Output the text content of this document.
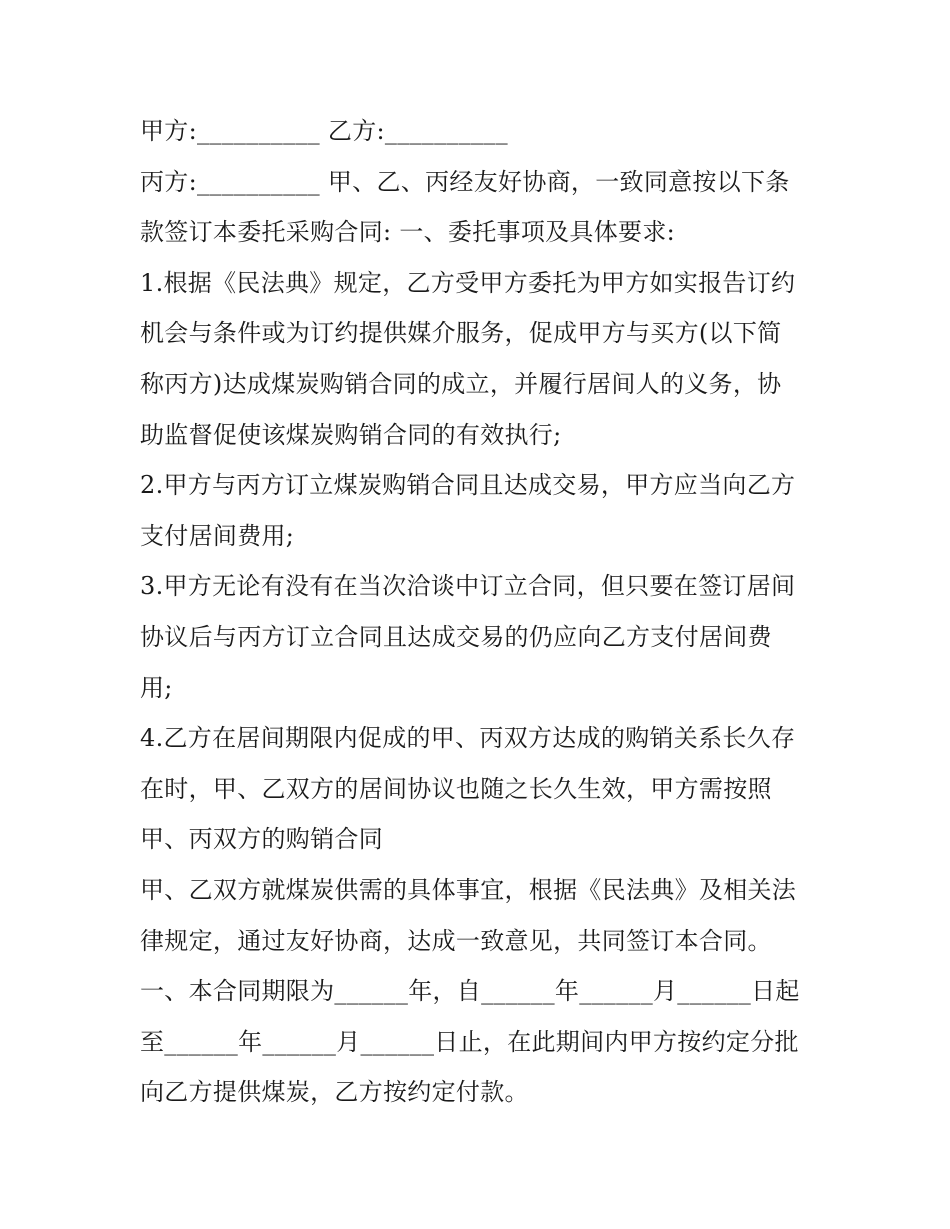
甲方:__________ 乙方:__________
丙方:__________ 甲、乙、丙经友好协商，一致同意按以下条
款签订本委托采购合同: 一、委托事项及具体要求:
1.根据《民法典》规定，乙方受甲方委托为甲方如实报告订约
机会与条件或为订约提供媒介服务，促成甲方与买方(以下简
称丙方)达成煤炭购销合同的成立，并履行居间人的义务，协
助监督促使该煤炭购销合同的有效执行;
2.甲方与丙方订立煤炭购销合同且达成交易，甲方应当向乙方
支付居间费用;
3.甲方无论有没有在当次洽谈中订立合同，但只要在签订居间
协议后与丙方订立合同且达成交易的仍应向乙方支付居间费
用;
4.乙方在居间期限内促成的甲、丙双方达成的购销关系长久存
在时，甲、乙双方的居间协议也随之长久生效，甲方需按照
甲、丙双方的购销合同
甲、乙双方就煤炭供需的具体事宜，根据《民法典》及相关法
律规定，通过友好协商，达成一致意见，共同签订本合同。
一、本合同期限为______年，自______年______月______日起
至______年______月______日止，在此期间内甲方按约定分批
向乙方提供煤炭，乙方按约定付款。
